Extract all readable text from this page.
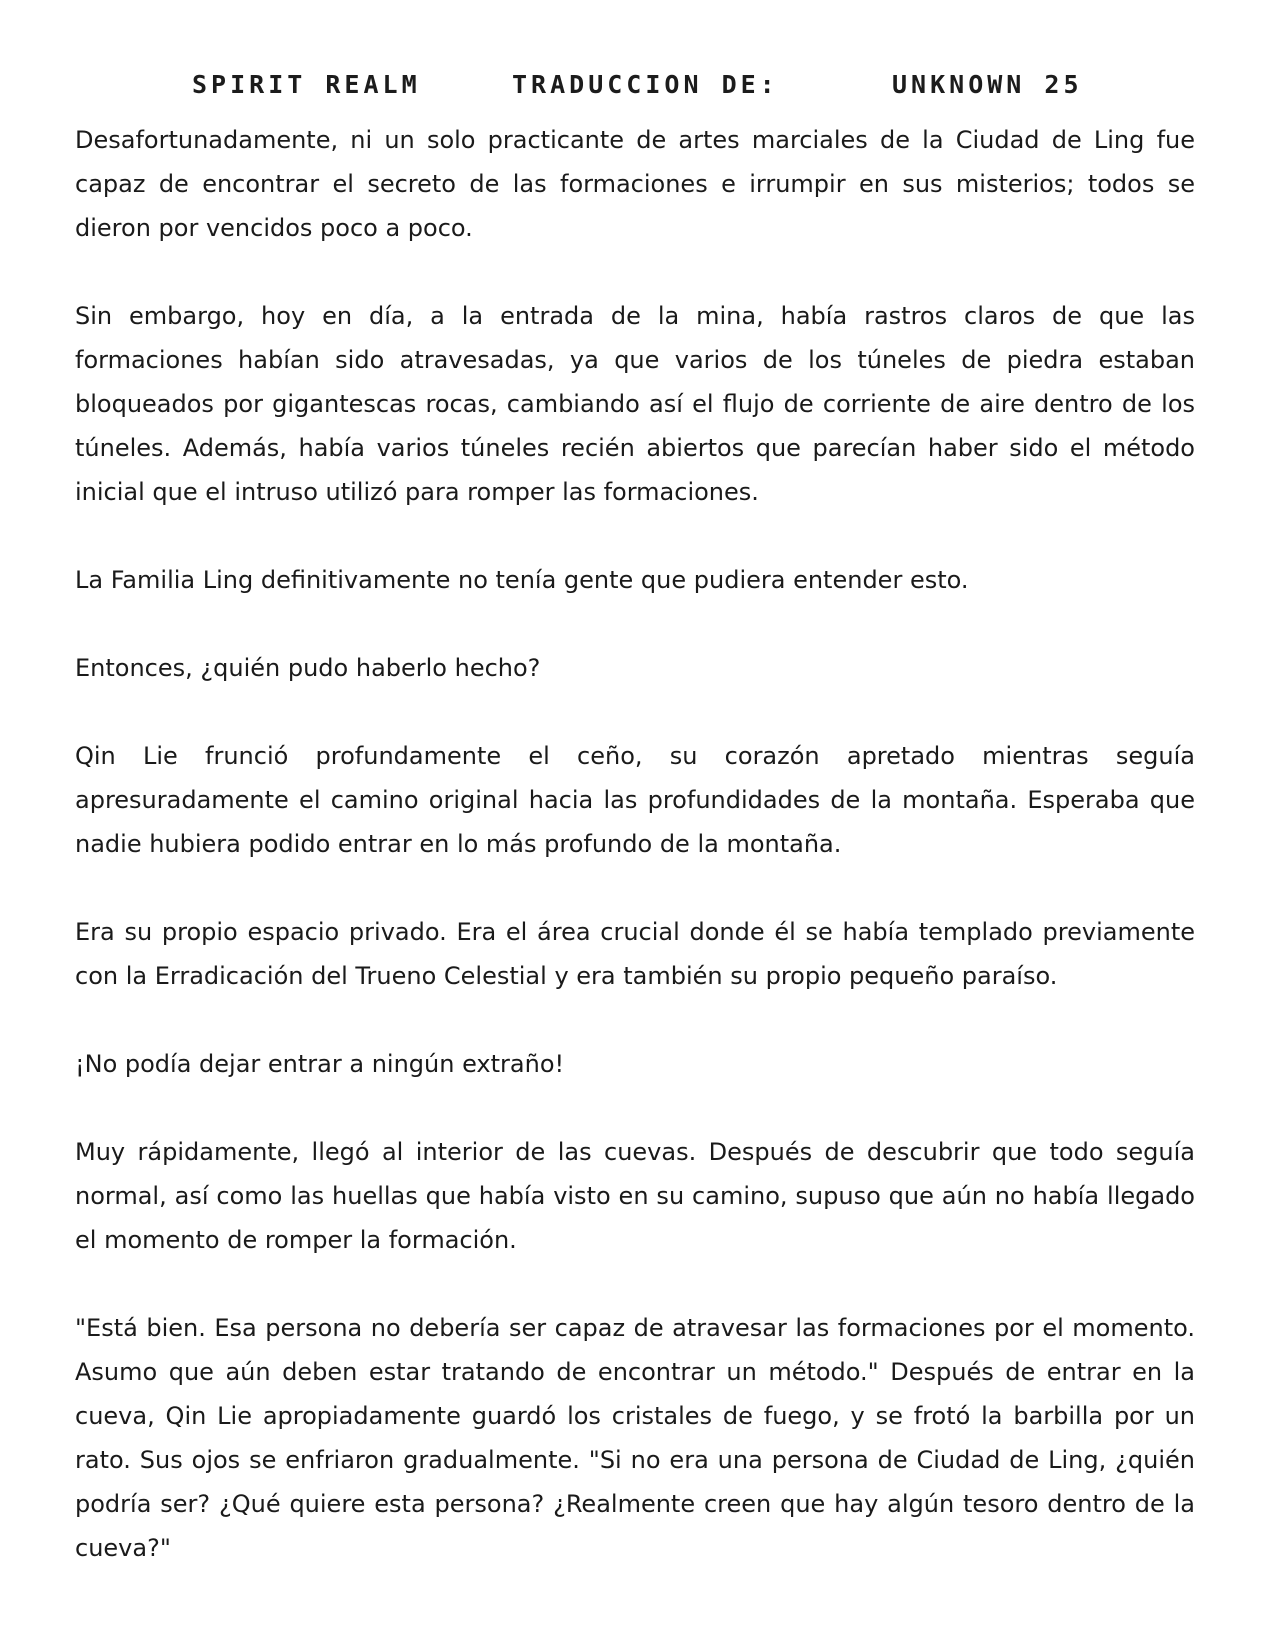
SPIRIT REALM	TRADUCCION DE:	UNKNOWN 25

Desafortunadamente, ni un solo practicante de artes marciales de la Ciudad de Ling fue capaz de encontrar el secreto de las formaciones e irrumpir en sus misterios; todos se dieron por vencidos poco a poco.

Sin embargo, hoy en día, a la entrada de la mina, había rastros claros de que las formaciones habían sido atravesadas, ya que varios de los túneles de piedra estaban bloqueados por gigantescas rocas, cambiando así el flujo de corriente de aire dentro de los túneles. Además, había varios túneles recién abiertos que parecían haber sido el método inicial que el intruso utilizó para romper las formaciones.

La Familia Ling definitivamente no tenía gente que pudiera entender esto.

Entonces, ¿quién pudo haberlo hecho?

Qin Lie frunció profundamente el ceño, su corazón apretado mientras seguía apresuradamente el camino original hacia las profundidades de la montaña. Esperaba que nadie hubiera podido entrar en lo más profundo de la montaña.

Era su propio espacio privado. Era el área crucial donde él se había templado previamente con la Erradicación del Trueno Celestial y era también su propio pequeño paraíso.

¡No podía dejar entrar a ningún extraño!

Muy rápidamente, llegó al interior de las cuevas. Después de descubrir que todo seguía normal, así como las huellas que había visto en su camino, supuso que aún no había llegado el momento de romper la formación.

"Está bien. Esa persona no debería ser capaz de atravesar las formaciones por el momento. Asumo que aún deben estar tratando de encontrar un método." Después de entrar en la cueva, Qin Lie apropiadamente guardó los cristales de fuego, y se frotó la barbilla por un rato. Sus ojos se enfriaron gradualmente. "Si no era una persona de Ciudad de Ling, ¿quién podría ser? ¿Qué quiere esta persona? ¿Realmente creen que hay algún tesoro dentro de la cueva?"
